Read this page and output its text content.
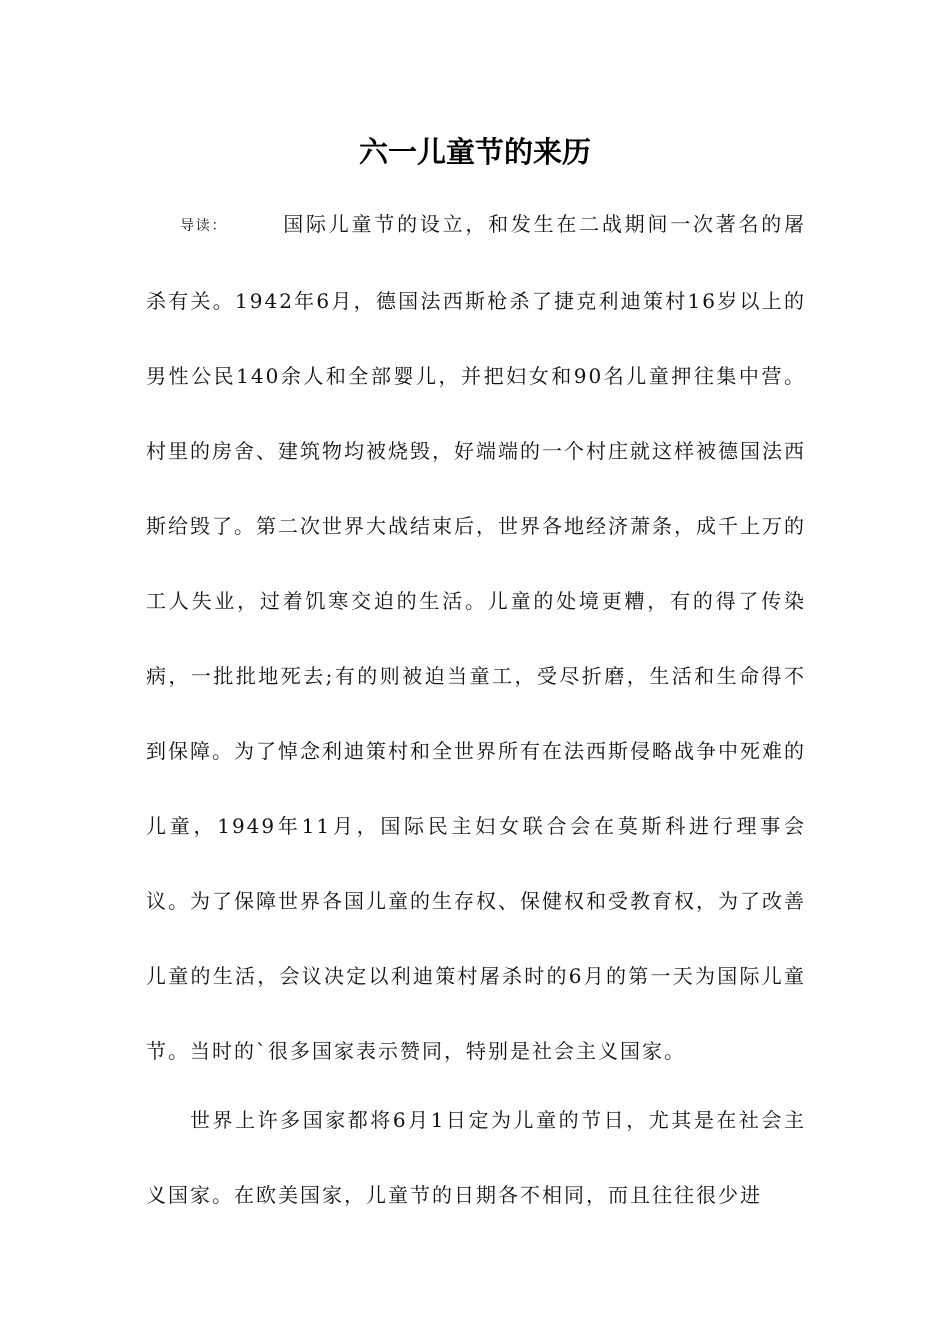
六一儿童节的来历

导读：	国际儿童节的设立，和发生在二战期间一次著名的屠杀有关。1942年6月，德国法西斯枪杀了捷克利迪策村16岁以上的男性公民140余人和全部婴儿，并把妇女和90名儿童押往集中营。村里的房舍、建筑物均被烧毁，好端端的一个村庄就这样被德国法西斯给毁了。第二次世界大战结束后，世界各地经济萧条，成千上万的工人失业，过着饥寒交迫的生活。儿童的处境更糟，有的得了传染病，一批批地死去;有的则被迫当童工，受尽折磨，生活和生命得不到保障。为了悼念利迪策村和全世界所有在法西斯侵略战争中死难的儿童，1949年11月，国际民主妇女联合会在莫斯科进行理事会议。为了保障世界各国儿童的生存权、保健权和受教育权，为了改善儿童的生活，会议决定以利迪策村屠杀时的6月的第一天为国际儿童节。当时的`很多国家表示赞同，特别是社会主义国家。

世界上许多国家都将6月1日定为儿童的节日，尤其是在社会主义国家。在欧美国家，儿童节的日期各不相同，而且往往很少进
